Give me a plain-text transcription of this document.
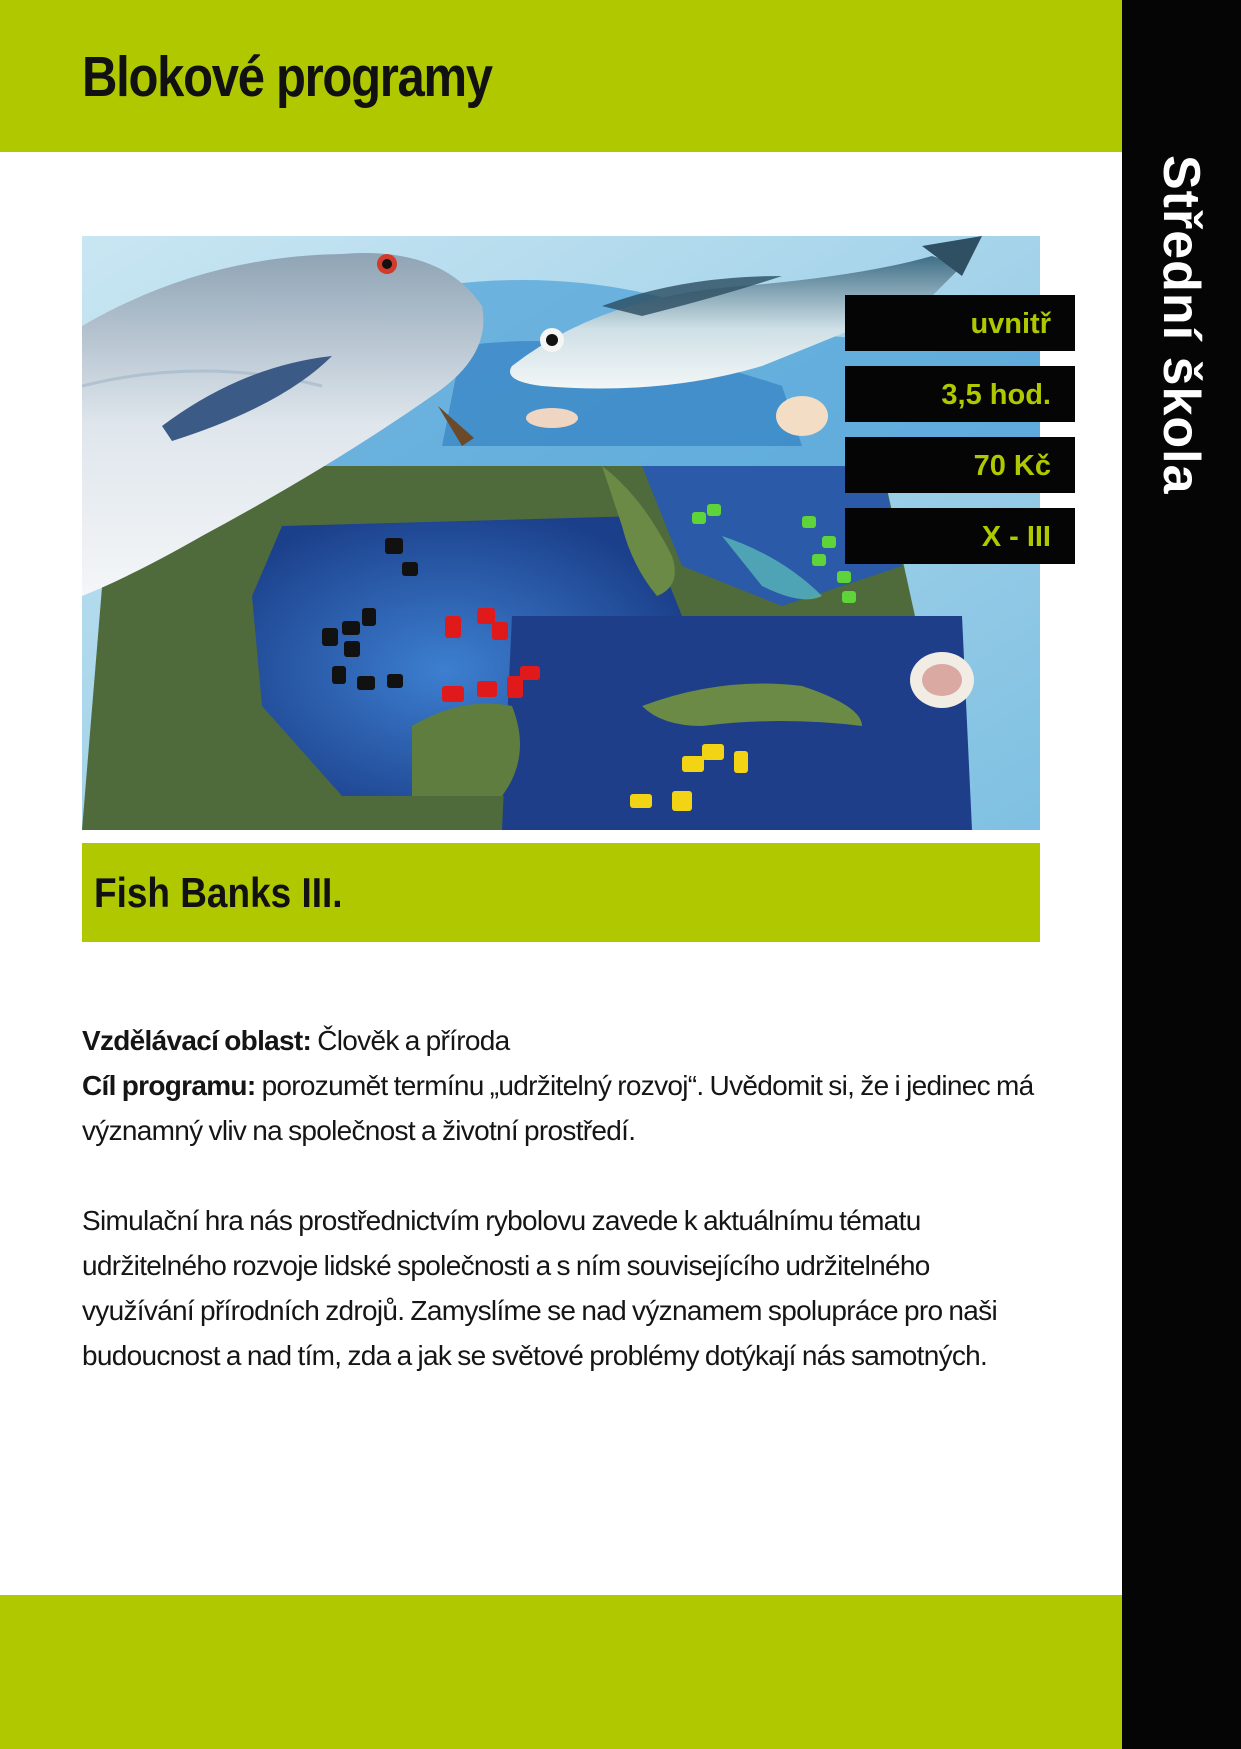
Blokové programy
Střední škola
uvnitř
3,5 hod.
70 Kč
X - III
Fish Banks III.

Vzdělávací oblast: Člověk a příroda

Cíl programu: porozumět termínu „udržitelný rozvoj“. Uvědomit si, že i jedinec má významný vliv na společnost a životní prostředí.

Simulační hra nás prostřednictvím rybolovu zavede k aktuálnímu tématu udržitelného rozvoje lidské společnosti a s ním souvisejícího udržitelného využívání přírodních zdrojů. Zamyslíme se nad významem spolupráce pro naši budoucnost a nad tím, zda a jak se světové problémy dotýkají nás samotných.
